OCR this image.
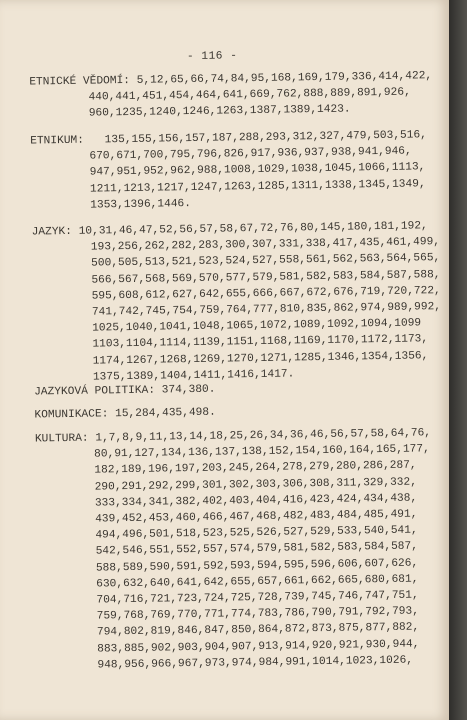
- 116 -
ETNICKÉ VĚDOMÍ: 5,12,65,66,74,84,95,168,169,179,336,414,422,
440,441,451,454,464,641,669,762,888,889,891,926,
960,1235,1240,1246,1263,1387,1389,1423.
ETNIKUM: 135,155,156,157,187,288,293,312,327,479,503,516,
670,671,700,795,796,826,917,936,937,938,941,946,
947,951,952,962,988,1008,1029,1038,1045,1066,1113,
1211,1213,1217,1247,1263,1285,1311,1338,1345,1349,
1353,1396,1446.
JAZYK: 10,31,46,47,52,56,57,58,67,72,76,80,145,180,181,192,
193,256,262,282,283,300,307,331,338,417,435,461,499,
500,505,513,521,523,524,527,558,561,562,563,564,565,
566,567,568,569,570,577,579,581,582,583,584,587,588,
595,608,612,627,642,655,666,667,672,676,719,720,722,
741,742,745,754,759,764,777,810,835,862,974,989,992,
1025,1040,1041,1048,1065,1072,1089,1092,1094,1099
1103,1104,1114,1139,1151,1168,1169,1170,1172,1173,
1174,1267,1268,1269,1270,1271,1285,1346,1354,1356,
1375,1389,1404,1411,1416,1417.
JAZYKOVÁ POLITIKA: 374,380.
KOMUNIKACE: 15,284,435,498.
KULTURA: 1,7,8,9,11,13,14,18,25,26,34,36,46,56,57,58,64,76,
80,91,127,134,136,137,138,152,154,160,164,165,177,
182,189,196,197,203,245,264,278,279,280,286,287,
290,291,292,299,301,302,303,306,308,311,329,332,
333,334,341,382,402,403,404,416,423,424,434,438,
439,452,453,460,466,467,468,482,483,484,485,491,
494,496,501,518,523,525,526,527,529,533,540,541,
542,546,551,552,557,574,579,581,582,583,584,587,
588,589,590,591,592,593,594,595,596,606,607,626,
630,632,640,641,642,655,657,661,662,665,680,681,
704,716,721,723,724,725,728,739,745,746,747,751,
759,768,769,770,771,774,783,786,790,791,792,793,
794,802,819,846,847,850,864,872,873,875,877,882,
883,885,902,903,904,907,913,914,920,921,930,944,
948,956,966,967,973,974,984,991,1014,1023,1026,
